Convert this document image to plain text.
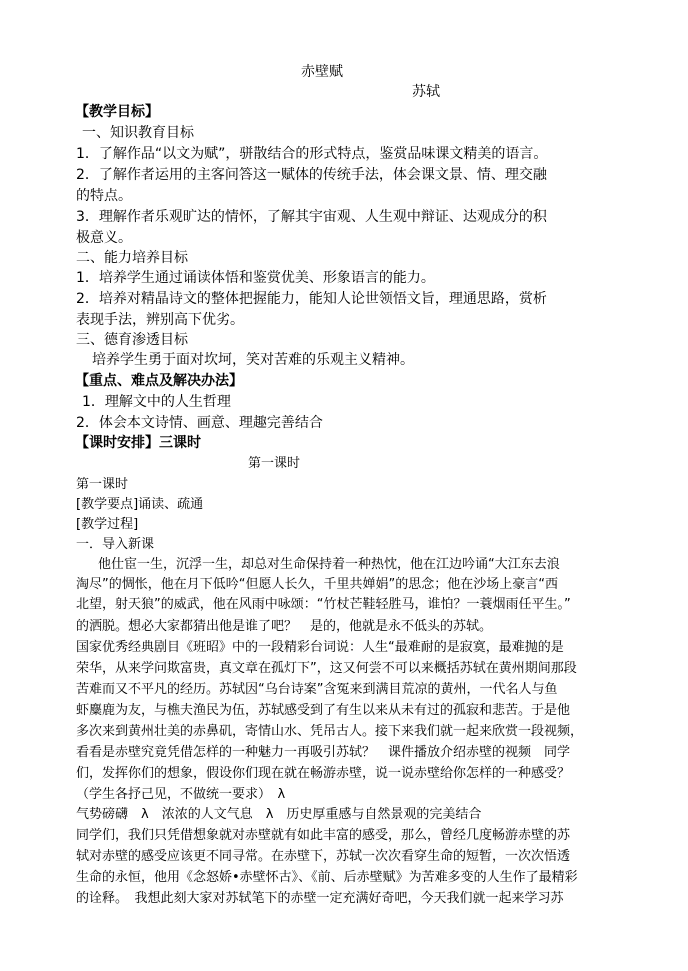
赤壁赋
苏轼
【教学目标】
一、知识教育目标
1．了解作品“以文为赋”，骈散结合的形式特点，鉴赏品味课文精美的语言。
2．了解作者运用的主客问答这一赋体的传统手法，体会课文景、情、理交融
的特点。
3．理解作者乐观旷达的情怀，了解其宇宙观、人生观中辩证、达观成分的积
极意义。
二、能力培养目标
1．培养学生通过诵读体悟和鉴赏优美、形象语言的能力。
2．培养对精晶诗文的整体把握能力，能知人论世领悟文旨，理通思路，赏析
表现手法，辨别高下优劣。
三、德育渗透目标
培养学生勇于面对坎坷，笑对苦难的乐观主义精神。
【重点、难点及解决办法】
1．理解文中的人生哲理
2．体会本文诗情、画意、理趣完善结合
【课时安排】三课时
第一课时
第一课时
[教学要点]诵读、疏通
[教学过程]
一．导入新课
他仕宦一生，沉浮一生，却总对生命保持着一种热忱，他在江边吟诵“大江东去浪
淘尽”的惆怅，他在月下低吟“但愿人长久，千里共婵娟”的思念；他在沙场上豪言“西
北望，射天狼”的威武，他在风雨中咏颂：“竹杖芒鞋轻胜马，谁怕？一蓑烟雨任平生。”
的洒脱。想必大家都猜出他是谁了吧？　是的，他就是永不低头的苏轼。
国家优秀经典剧目《班昭》中的一段精彩台词说：人生“最难耐的是寂寞，最难抛的是
荣华，从来学问欺富贵，真文章在孤灯下”，这又何尝不可以来概括苏轼在黄州期间那段
苦难而又不平凡的经历。苏轼因“乌台诗案”含冤来到满目荒凉的黄州，一代名人与鱼
虾麋鹿为友，与樵夫渔民为伍，苏轼感受到了有生以来从未有过的孤寂和悲苦。于是他
多次来到黄州壮美的赤鼻矶，寄情山水、凭吊古人。接下来我们就一起来欣赏一段视频，
看看是赤壁究竟凭借怎样的一种魅力一再吸引苏轼？　课件播放介绍赤壁的视频　同学
们，发挥你们的想象，假设你们现在就在畅游赤壁，说一说赤壁给你怎样的一种感受？
（学生各抒己见，不做统一要求）　λ
气势磅礴　λ　浓浓的人文气息　λ　历史厚重感与自然景观的完美结合
同学们，我们只凭借想象就对赤壁就有如此丰富的感受，那么，曾经几度畅游赤壁的苏
轼对赤壁的感受应该更不同寻常。在赤壁下，苏轼一次次看穿生命的短暂，一次次悟透
生命的永恒，他用《念怒娇•赤壁怀古》、《前、后赤壁赋》为苦难多变的人生作了最精彩
的诠释。　我想此刻大家对苏轼笔下的赤壁一定充满好奇吧，今天我们就一起来学习苏
